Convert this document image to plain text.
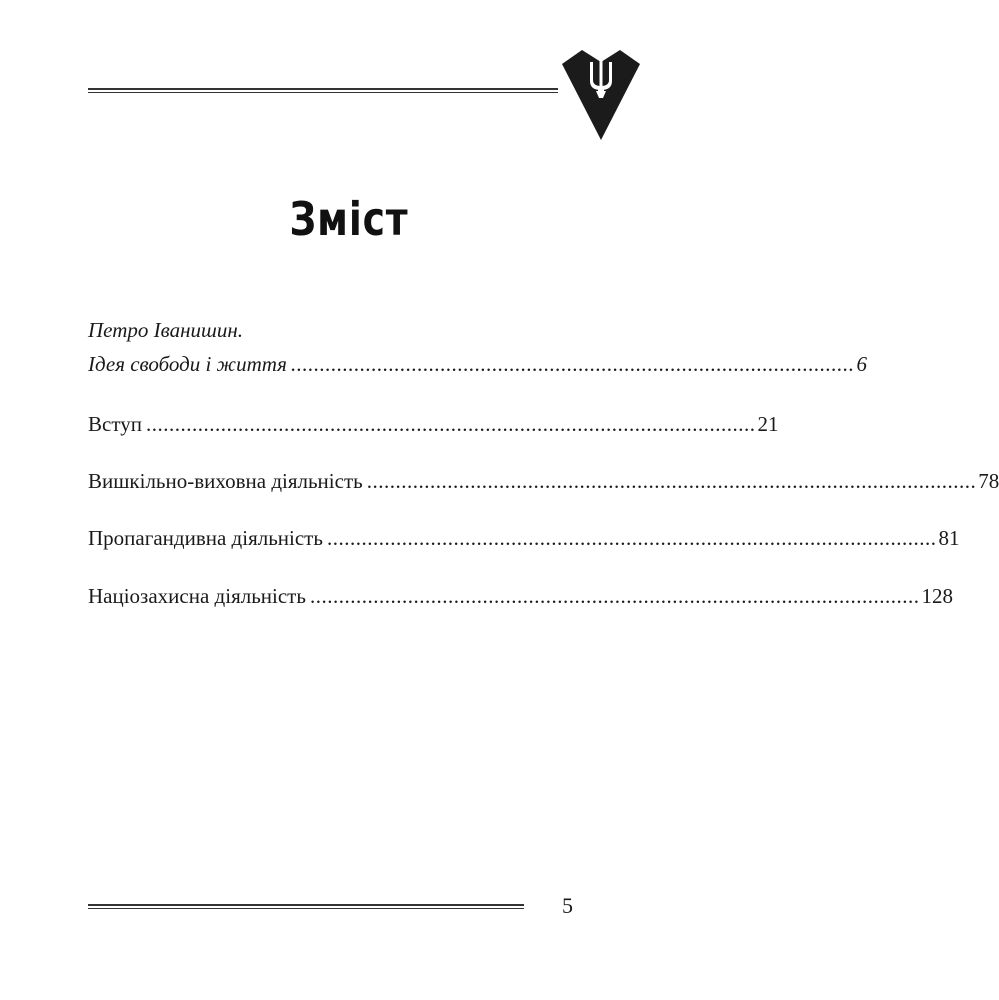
Зміст
Петро Іванишин.
Ідея свободи і життя .................................................................................................. 6
Вступ .......................................................................................................... 21
Вишкільно-виховна діяльність .......................................................................................................... 78
Пропагандивна діяльність .......................................................................................................... 81
Націозахисна діяльність .......................................................................................................... 128
5
